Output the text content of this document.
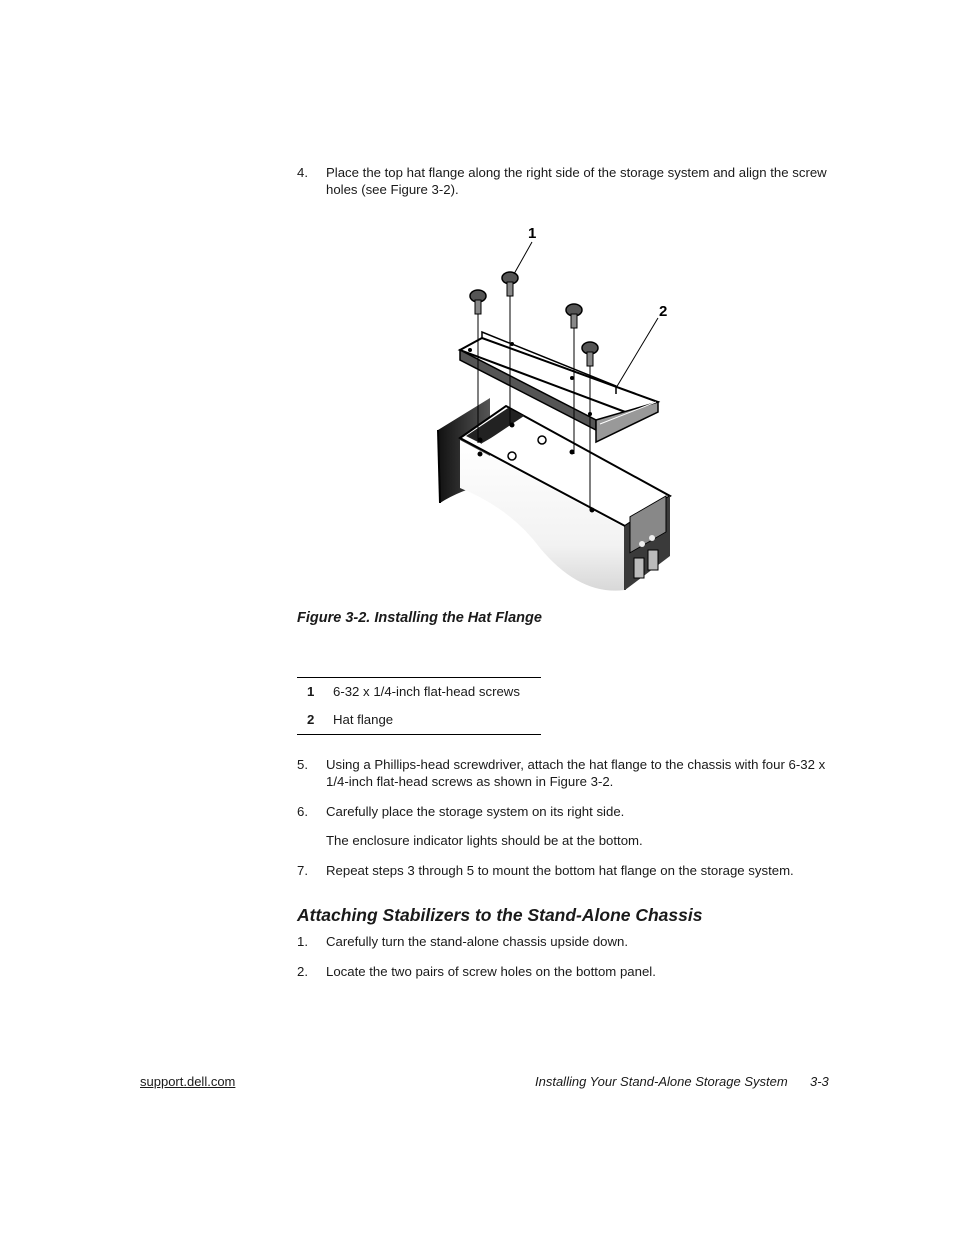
4. Place the top hat flange along the right side of the storage system and align the screw holes (see Figure 3-2).
1
2
Figure 3-2. Installing the Hat Flange
1 6-32 x 1/4-inch flat-head screws
2 Hat flange
5. Using a Phillips-head screwdriver, attach the hat flange to the chassis with four 6-32 x 1/4-inch flat-head screws as shown in Figure 3-2.
6. Carefully place the storage system on its right side.
The enclosure indicator lights should be at the bottom.
7. Repeat steps 3 through 5 to mount the bottom hat flange on the storage system.
Attaching Stabilizers to the Stand-Alone Chassis
1. Carefully turn the stand-alone chassis upside down.
2. Locate the two pairs of screw holes on the bottom panel.
support.dell.com	Installing Your Stand-Alone Storage System 3-3
